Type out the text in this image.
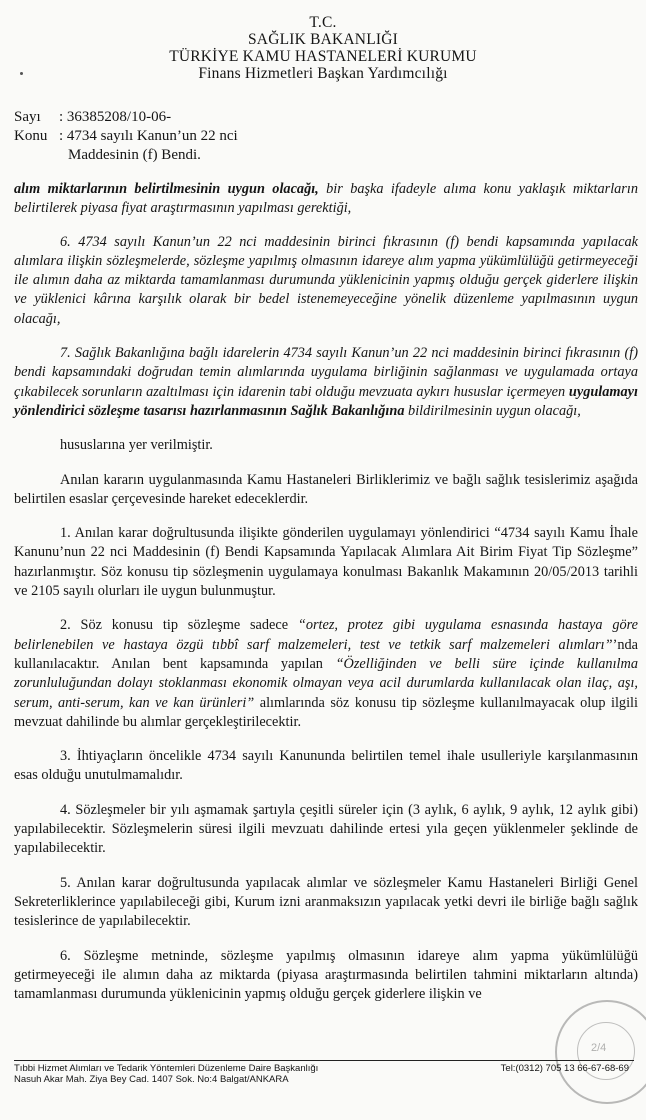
T.C.
SAĞLIK BAKANLIĞI
TÜRKİYE KAMU HASTANELERİ KURUMU
Finans Hizmetleri Başkan Yardımcılığı
Sayı	: 36385208/10-06-
Konu : 4734 sayılı Kanun’un 22 nci
Maddesinin (f) Bendi.

alım miktarlarının belirtilmesinin uygun olacağı, bir başka ifadeyle alıma konu yaklaşık miktarların belirtilerek piyasa fiyat araştırmasının yapılması gerektiği,

6. 4734 sayılı Kanun’un 22 nci maddesinin birinci fıkrasının (f) bendi kapsamında yapılacak alımlara ilişkin sözleşmelerde, sözleşme yapılmış olmasının idareye alım yapma yükümlülüğü getirmeyeceği ile alımın daha az miktarda tamamlanması durumunda yüklenicinin yapmış olduğu gerçek giderlere ilişkin ve yüklenici kârına karşılık olarak bir bedel istenemeyeceğine yönelik düzenleme yapılmasının uygun olacağı,

7. Sağlık Bakanlığına bağlı idarelerin 4734 sayılı Kanun’un 22 nci maddesinin birinci fıkrasının (f) bendi kapsamındaki doğrudan temin alımlarında uygulama birliğinin sağlanması ve uygulamada ortaya çıkabilecek sorunların azaltılması için idarenin tabi olduğu mevzuata aykırı hususlar içermeyen uygulamayı yönlendirici sözleşme tasarısı hazırlanmasının Sağlık Bakanlığına bildirilmesinin uygun olacağı,

hususlarına yer verilmiştir.

Anılan kararın uygulanmasında Kamu Hastaneleri Birliklerimiz ve bağlı sağlık tesislerimiz aşağıda belirtilen esaslar çerçevesinde hareket edeceklerdir.

1. Anılan karar doğrultusunda ilişikte gönderilen uygulamayı yönlendirici “4734 sayılı Kamu İhale Kanunu’nun 22 nci Maddesinin (f) Bendi Kapsamında Yapılacak Alımlara Ait Birim Fiyat Tip Sözleşme” hazırlanmıştır. Söz konusu tip sözleşmenin uygulamaya konulması Bakanlık Makamının 20/05/2013 tarihli ve 2105 sayılı olurları ile uygun bulunmuştur.

2. Söz konusu tip sözleşme sadece “ortez, protez gibi uygulama esnasında hastaya göre belirlenebilen ve hastaya özgü tıbbî sarf malzemeleri, test ve tetkik sarf malzemeleri alımları”’nda kullanılacaktır. Anılan bent kapsamında yapılan “Özelliğinden ve belli süre içinde kullanılma zorunluluğundan dolayı stoklanması ekonomik olmayan veya acil durumlarda kullanılacak olan ilaç, aşı, serum, anti-serum, kan ve kan ürünleri” alımlarında söz konusu tip sözleşme kullanılmayacak olup ilgili mevzuat dahilinde bu alımlar gerçekleştirilecektir.

3. İhtiyaçların öncelikle 4734 sayılı Kanununda belirtilen temel ihale usulleriyle karşılanmasının esas olduğu unutulmamalıdır.

4. Sözleşmeler bir yılı aşmamak şartıyla çeşitli süreler için (3 aylık, 6 aylık, 9 aylık, 12 aylık gibi) yapılabilecektir. Sözleşmelerin süresi ilgili mevzuatı dahilinde ertesi yıla geçen yüklenmeler şeklinde de yapılabilecektir.

5. Anılan karar doğrultusunda yapılacak alımlar ve sözleşmeler Kamu Hastaneleri Birliği Genel Sekreterliklerince yapılabileceği gibi, Kurum izni aranmaksızın yapılacak yetki devri ile birliğe bağlı sağlık tesislerince de yapılabilecektir.

6. Sözleşme metninde, sözleşme yapılmış olmasının idareye alım yapma yükümlülüğü getirmeyeceği ile alımın daha az miktarda (piyasa araştırmasında belirtilen tahmini miktarların altında) tamamlanması durumunda yüklenicinin yapmış olduğu gerçek giderlere ilişkin ve

2/4
Tıbbi Hizmet Alımları ve Tedarik Yöntemleri Düzenleme Daire Başkanlığı
Nasuh Akar Mah. Ziya Bey Cad. 1407 Sok. No:4 Balgat/ANKARA
Tel:(0312) 705 13 66-67-68-69
